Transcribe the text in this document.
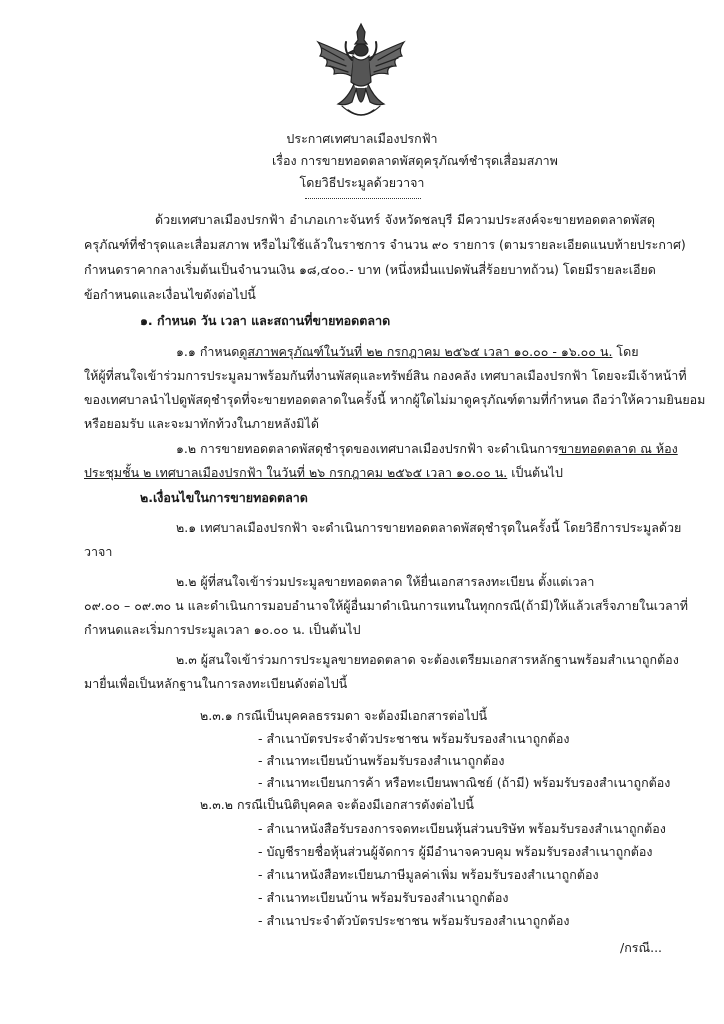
ประกาศเทศบาลเมืองปรกฟ้า
เรื่อง การขายทอดตลาดพัสดุครุภัณฑ์ชำรุดเสื่อมสภาพ
โดยวิธีประมูลด้วยวาจา
ด้วยเทศบาลเมืองปรกฟ้า อำเภอเกาะจันทร์ จังหวัดชลบุรี มีความประสงค์จะขายทอดตลาดพัสดุ
ครุภัณฑ์ที่ชำรุดและเสื่อมสภาพ หรือไม่ใช้แล้วในราชการ จำนวน ๙๐ รายการ (ตามรายละเอียดแนบท้ายประกาศ)
กำหนดราคากลางเริ่มต้นเป็นจำนวนเงิน ๑๘,๔๐๐.- บาท (หนึ่งหมื่นแปดพันสี่ร้อยบาทถ้วน) โดยมีรายละเอียด
ข้อกำหนดและเงื่อนไขดังต่อไปนี้
๑. กำหนด วัน เวลา และสถานที่ขายทอดตลาด
๑.๑ กำหนดดูสภาพครุภัณฑ์ในวันที่ ๒๒ กรกฎาคม ๒๕๖๕ เวลา ๑๐.๐๐ - ๑๖.๐๐ น. โดย
ให้ผู้ที่สนใจเข้าร่วมการประมูลมาพร้อมกันที่งานพัสดุและทรัพย์สิน กองคลัง เทศบาลเมืองปรกฟ้า โดยจะมีเจ้าหน้าที่
ของเทศบาลนำไปดูพัสดุชำรุดที่จะขายทอดตลาดในครั้งนี้ หากผู้ใดไม่มาดูครุภัณฑ์ตามที่กำหนด ถือว่าให้ความยินยอม
หรือยอมรับ และจะมาทักท้วงในภายหลังมิได้
๑.๒ การขายทอดตลาดพัสดุชำรุดของเทศบาลเมืองปรกฟ้า จะดำเนินการขายทอดตลาด ณ ห้อง
ประชุมชั้น ๒ เทศบาลเมืองปรกฟ้า ในวันที่ ๒๖ กรกฎาคม ๒๕๖๕ เวลา ๑๐.๐๐ น. เป็นต้นไป
๒.เงื่อนไขในการขายทอดตลาด
๒.๑ เทศบาลเมืองปรกฟ้า จะดำเนินการขายทอดตลาดพัสดุชำรุดในครั้งนี้ โดยวิธีการประมูลด้วย
วาจา
๒.๒ ผู้ที่สนใจเข้าร่วมประมูลขายทอดตลาด ให้ยื่นเอกสารลงทะเบียน ตั้งแต่เวลา
๐๙.๐๐ – ๐๙.๓๐ น และดำเนินการมอบอำนาจให้ผู้อื่นมาดำเนินการแทนในทุกกรณี(ถ้ามี)ให้แล้วเสร็จภายในเวลาที่
กำหนดและเริ่มการประมูลเวลา ๑๐.๐๐ น. เป็นต้นไป
๒.๓ ผู้สนใจเข้าร่วมการประมูลขายทอดตลาด จะต้องเตรียมเอกสารหลักฐานพร้อมสำเนาถูกต้อง
มายื่นเพื่อเป็นหลักฐานในการลงทะเบียนดังต่อไปนี้
๒.๓.๑ กรณีเป็นบุคคลธรรมดา จะต้องมีเอกสารต่อไปนี้
- สำเนาบัตรประจำตัวประชาชน พร้อมรับรองสำเนาถูกต้อง
- สำเนาทะเบียนบ้านพร้อมรับรองสำเนาถูกต้อง
- สำเนาทะเบียนการค้า หรือทะเบียนพาณิชย์ (ถ้ามี) พร้อมรับรองสำเนาถูกต้อง
๒.๓.๒ กรณีเป็นนิติบุคคล จะต้องมีเอกสารดังต่อไปนี้
- สำเนาหนังสือรับรองการจดทะเบียนหุ้นส่วนบริษัท พร้อมรับรองสำเนาถูกต้อง
- บัญชีรายชื่อหุ้นส่วนผู้จัดการ ผู้มีอำนาจควบคุม พร้อมรับรองสำเนาถูกต้อง
- สำเนาหนังสือทะเบียนภาษีมูลค่าเพิ่ม พร้อมรับรองสำเนาถูกต้อง
- สำเนาทะเบียนบ้าน พร้อมรับรองสำเนาถูกต้อง
- สำเนาประจำตัวบัตรประชาชน พร้อมรับรองสำเนาถูกต้อง
/กรณี...
